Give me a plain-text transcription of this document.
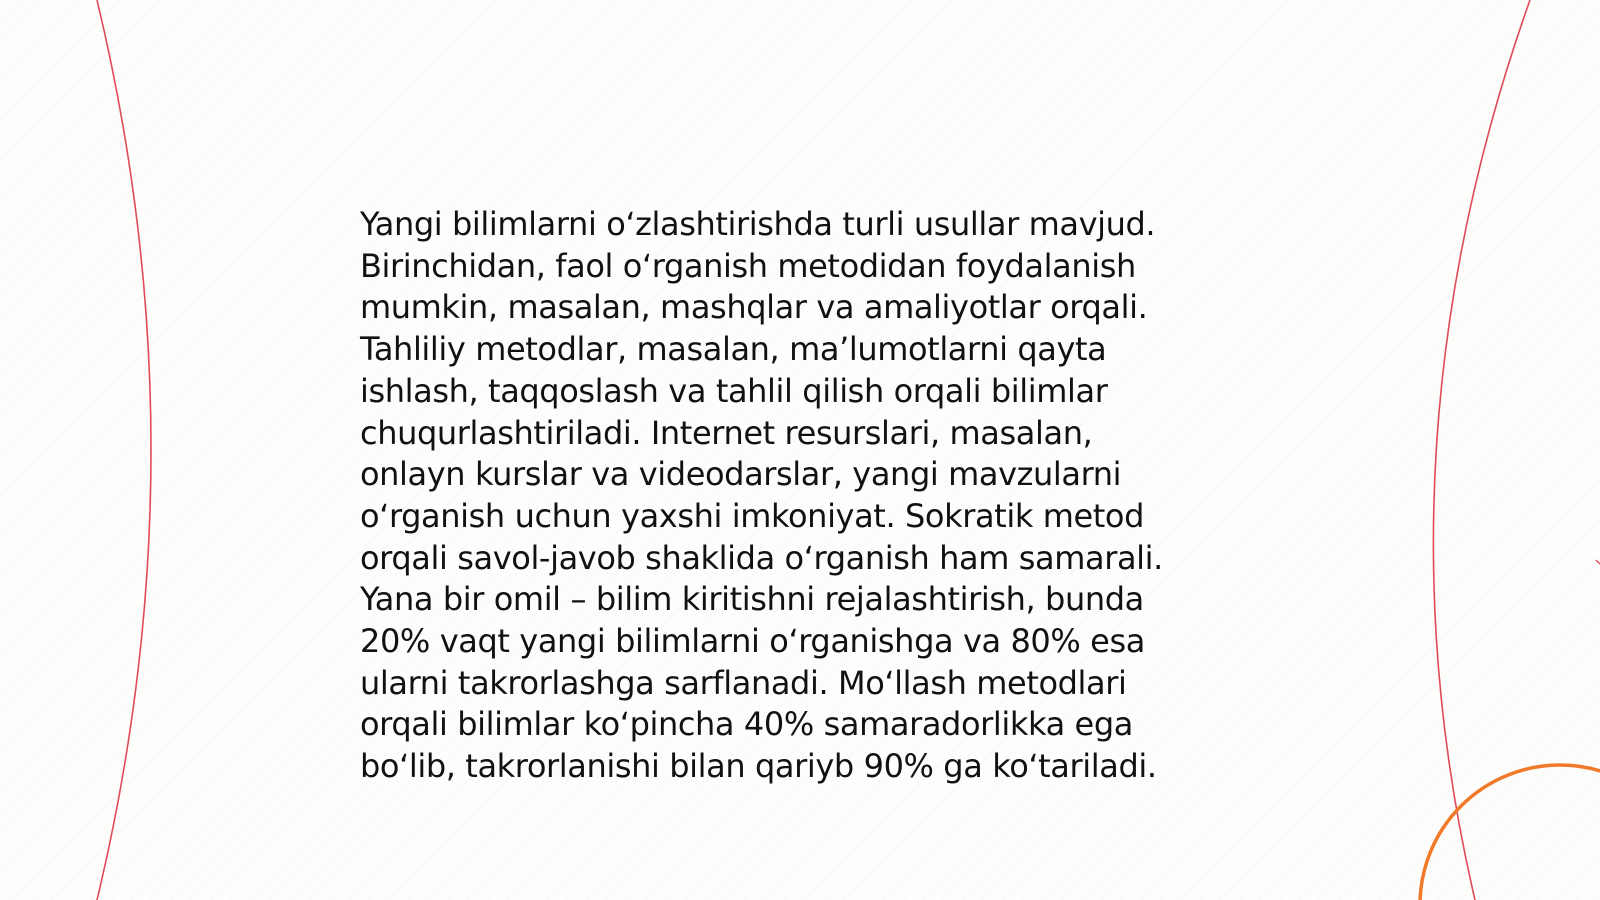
Yangi bilimlarni o‘zlashtirishda turli usullar mavjud.
Birinchidan, faol o‘rganish metodidan foydalanish
mumkin, masalan, mashqlar va amaliyotlar orqali.
Tahliliy metodlar, masalan, ma’lumotlarni qayta
ishlash, taqqoslash va tahlil qilish orqali bilimlar
chuqurlashtiriladi. Internet resurslari, masalan,
onlayn kurslar va videodarslar, yangi mavzularni
o‘rganish uchun yaxshi imkoniyat. Sokratik metod
orqali savol-javob shaklida o‘rganish ham samarali.
Yana bir omil – bilim kiritishni rejalashtirish, bunda
20% vaqt yangi bilimlarni o‘rganishga va 80% esa
ularni takrorlashga sarflanadi. Mo‘llash metodlari
orqali bilimlar ko‘pincha 40% samaradorlikka ega
bo‘lib, takrorlanishi bilan qariyb 90% ga ko‘tariladi.
